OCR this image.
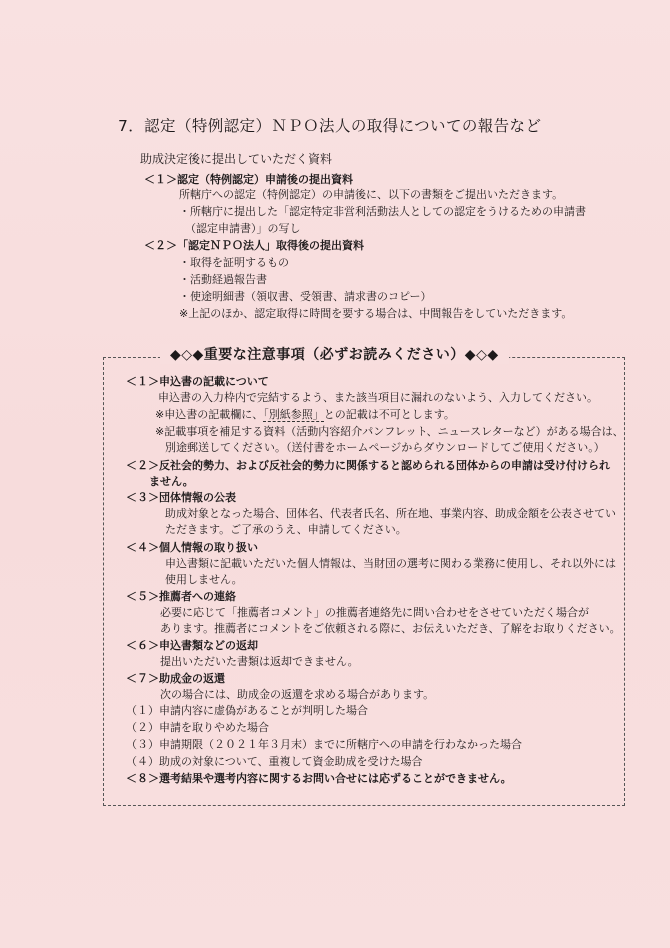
7．認定（特例認定）ＮＰＯ法人の取得についての報告など
助成決定後に提出していただく資料
＜１＞認定（特例認定）申請後の提出資料
所轄庁への認定（特例認定）の申請後に、以下の書類をご提出いただきます。
・所轄庁に提出した「認定特定非営利活動法人としての認定をうけるための申請書
（認定申請書）」の写し
＜２＞「認定ＮＰＯ法人」取得後の提出資料
・取得を証明するもの
・活動経過報告書
・使途明細書（領収書、受領書、請求書のコピー）
※上記のほか、認定取得に時間を要する場合は、中間報告をしていただきます。
◆◇◆重要な注意事項（必ずお読みください）◆◇◆
＜１＞申込書の記載について
申込書の入力枠内で完結するよう、また該当項目に漏れのないよう、入力してください。
※申込書の記載欄に、「別紙参照」との記載は不可とします。
※記載事項を補足する資料（活動内容紹介パンフレット、ニュースレターなど）がある場合は、
別途郵送してください。（送付書をホームページからダウンロードしてご使用ください。）
＜２＞反社会的勢力、および反社会的勢力に関係すると認められる団体からの申請は受け付けられ
ません。
＜３＞団体情報の公表
助成対象となった場合、団体名、代表者氏名、所在地、事業内容、助成金額を公表させてい
ただきます。ご了承のうえ、申請してください。
＜４＞個人情報の取り扱い
申込書類に記載いただいた個人情報は、当財団の選考に関わる業務に使用し、それ以外には
使用しません。
＜５＞推薦者への連絡
必要に応じて「推薦者コメント」の推薦者連絡先に問い合わせをさせていただく場合が
あります。推薦者にコメントをご依頼される際に、お伝えいただき、了解をお取りください。
＜６＞申込書類などの返却
提出いただいた書類は返却できません。
＜７＞助成金の返還
次の場合には、助成金の返還を求める場合があります。
（１）申請内容に虚偽があることが判明した場合
（２）申請を取りやめた場合
（３）申請期限（２０２１年３月末）までに所轄庁への申請を行わなかった場合
（４）助成の対象について、重複して資金助成を受けた場合
＜８＞選考結果や選考内容に関するお問い合せには応ずることができません。
